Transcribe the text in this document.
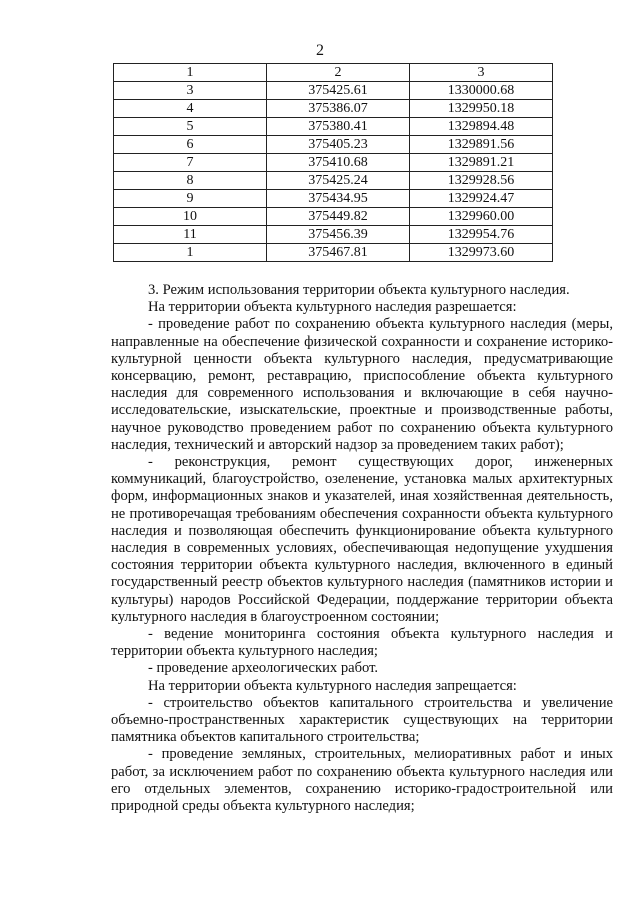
2
1	2	3
3	375425.61	1330000.68
4	375386.07	1329950.18
5	375380.41	1329894.48
6	375405.23	1329891.56
7	375410.68	1329891.21
8	375425.24	1329928.56
9	375434.95	1329924.47
10	375449.82	1329960.00
11	375456.39	1329954.76
1	375467.81	1329973.60

3. Режим использования территории объекта культурного наследия.

На территории объекта культурного наследия разрешается:

- проведение работ по сохранению объекта культурного наследия (меры, направленные на обеспечение физической сохранности и сохранение историко-культурной ценности объекта культурного наследия, предусматривающие консервацию, ремонт, реставрацию, приспособление объекта культурного наследия для современного использования и включающие в себя научно-исследовательские, изыскательские, проектные и производственные работы, научное руководство проведением работ по сохранению объекта культурного наследия, технический и авторский надзор за проведением таких работ);

- реконструкция, ремонт существующих дорог, инженерных коммуникаций, благоустройство, озеленение, установка малых архитектурных форм, информационных знаков и указателей, иная хозяйственная деятельность, не противоречащая требованиям обеспечения сохранности объекта культурного наследия и позволяющая обеспечить функционирование объекта культурного наследия в современных условиях, обеспечивающая недопущение ухудшения состояния территории объекта культурного наследия, включенного в единый государственный реестр объектов культурного наследия (памятников истории и культуры) народов Российской Федерации, поддержание территории объекта культурного наследия в благоустроенном состоянии;

- ведение мониторинга состояния объекта культурного наследия и территории объекта культурного наследия;

- проведение археологических работ.

На территории объекта культурного наследия запрещается:

- строительство объектов капитального строительства и увеличение объемно-пространственных характеристик существующих на территории памятника объектов капитального строительства;

- проведение земляных, строительных, мелиоративных работ и иных работ, за исключением работ по сохранению объекта культурного наследия или его отдельных элементов, сохранению историко-градостроительной или природной среды объекта культурного наследия;
